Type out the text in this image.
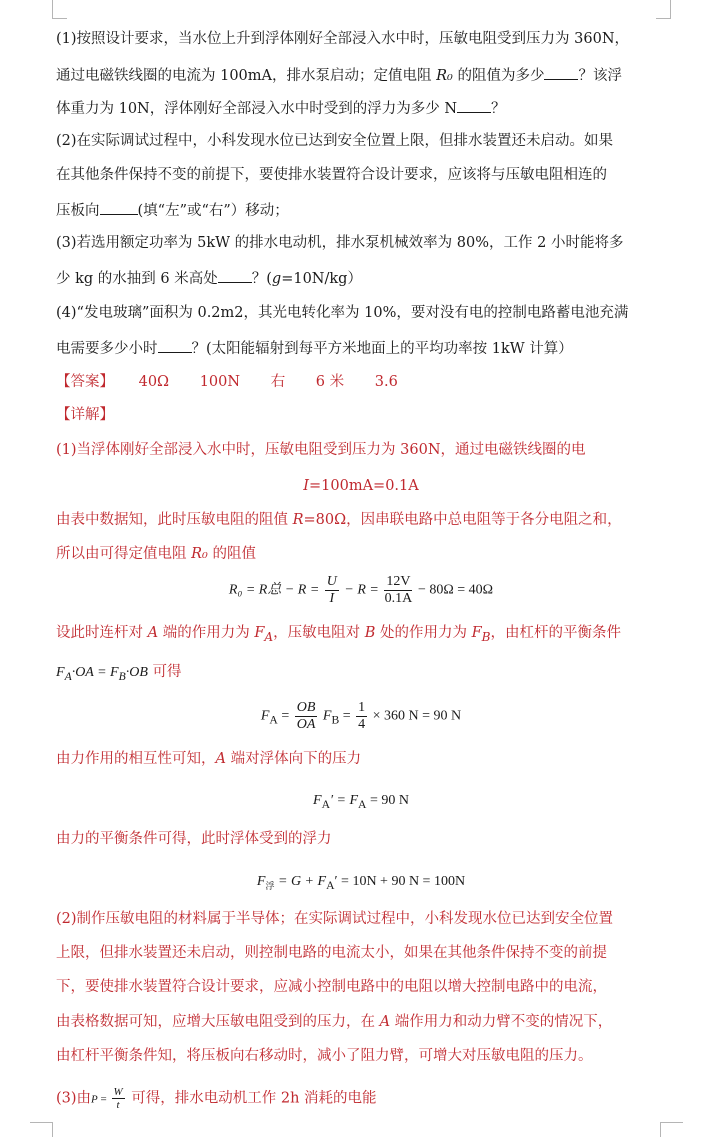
(1)按照设计要求，当水位上升到浮体刚好全部浸入水中时，压敏电阻受到压力为 360N，
通过电磁铁线圈的电流为 100mA，排水泵启动；定值电阻 R₀ 的阻值为多少 ？该浮
体重力为 10N，浮体刚好全部浸入水中时受到的浮力为多少 N ？
(2)在实际调试过程中，小科发现水位已达到安全位置上限，但排水装置还未启动。如果
在其他条件保持不变的前提下，要使排水装置符合设计要求，应该将与压敏电阻相连的
压板向	(填“左”或“右”）移动；
(3)若选用额定功率为 5kW 的排水电动机，排水泵机械效率为 80%，工作 2 小时能将多
少 kg 的水抽到 6 米高处 ？(g=10N/kg）
(4)“发电玻璃”面积为 0.2m2，其光电转化率为 10%，要对没有电的控制电路蓄电池充满
电需要多少小时 ？(太阳能辐射到每平方米地面上的平均功率按 1kW 计算）
【答案】 40Ω 100N 右 6 米 3.6
【详解】
(1)当浮体刚好全部浸入水中时，压敏电阻受到压力为 360N，通过电磁铁线圈的电
I=100mA=0.1A
由表中数据知，此时压敏电阻的阻值 R=80Ω，因串联电路中总电阻等于各分电阻之和，
所以由可得定值电阻 R₀ 的阻值
R₀ = R总 − $R = \frac{U}{I} - R = \frac{12V}{0.1A} - 80\Omega = 40\Omega$
设此时连杆对 A 端的作用力为 $F_A$，压敏电阻对 B 处的作用力为 $F_B$，由杠杆的平衡条件
$F_A\cdot OA = F_B\cdot OB$ 可得
$F_A = \frac{OB}{OA} F_B = \frac{1}{4} \times 360$ N = 90 N
由力作用的相互性可知，A 端对浮体向下的压力
$F_A' = F_A = 90$ N
由力的平衡条件可得，此时浮体受到的浮力
$F_浮 = G + F_A' = 10N + 90$ N = 100N
(2)制作压敏电阻的材料属于半导体；在实际调试过程中，小科发现水位已达到安全位置
上限，但排水装置还未启动，则控制电路的电流太小，如果在其他条件保持不变的前提
下，要使排水装置符合设计要求，应减小控制电路中的电阻以增大控制电路中的电流，
由表格数据可知，应增大压敏电阻受到的压力，在 A 端作用力和动力臂不变的情况下，
由杠杆平衡条件知，将压板向右移动时，减小了阻力臂，可增大对压敏电阻的压力。
(3)由$P = \frac{W}{t}$ 可得，排水电动机工作 2h 消耗的电能
